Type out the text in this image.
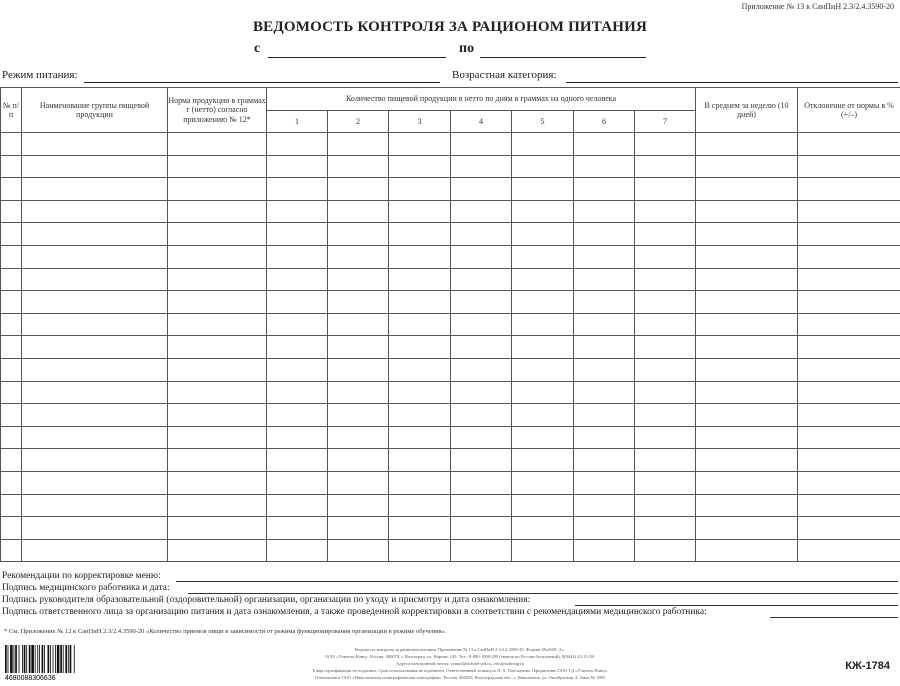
Приложение № 13 к СанПиН 2.3/2.4.3590-20
ВЕДОМОСТЬ КОНТРОЛЯ ЗА РАЦИОНОМ ПИТАНИЯ
с	по
Режим питания:	Возрастная категория:
№ п/п	Наименование группы пищевой продукции	Норма продукции в граммах г (нетто) согласно приложению № 12*	Количество пищевой продукции в нетто по дням в граммах на одного человека							В среднем за неделю (10 дней)	Отклонение от нормы в % (+/–)
			1	2	3	4	5	6	7		

Рекомендации по корректировке меню:
Подпись медицинского работника и дата:
Подпись руководителя образовательной (оздоровительной) организации, организации по уходу и присмотру и дата ознакомления:
Подпись ответственного лица за организацию питания и дата ознакомления, а также проведенной корректировки в соответствии с рекомендациями медицинского работника:
* См. Приложение № 12 к СанПиН 2.3/2.4.3590-20 «Количество приемов пищи в зависимости от режима функционирования организации в режиме обучения».
Ведомость контроля за рационом питания. Приложение № 13 к СанПиН 2.3/2.4.3590-20. Формат 60х84/8. 4 с.
ООО «Учитель-Канц». Россия, 400079, г. Волгоград, ул. Кирова, 143. Тел.: 8-800-1000-299 (звонок по России бесплатный), 8(8442) 42-25-58.
Адреса электронной почты: ucmail@uchitel-izd.ru, info@uchmag.ru
Товар сертификации не подлежит. Срок использования не ограничен. Ответственный за выпуск Л. А. Плескачева. Оформление ООО ТД «Учитель-Канц».
Отпечатано в ООО «Николаевская полиграфическая типография». Россия, 404033, Волгоградская обл., г. Николаевск, ул. Октябрьская, 4. Заказ № 1895
4680088306636
КЖ-1784
